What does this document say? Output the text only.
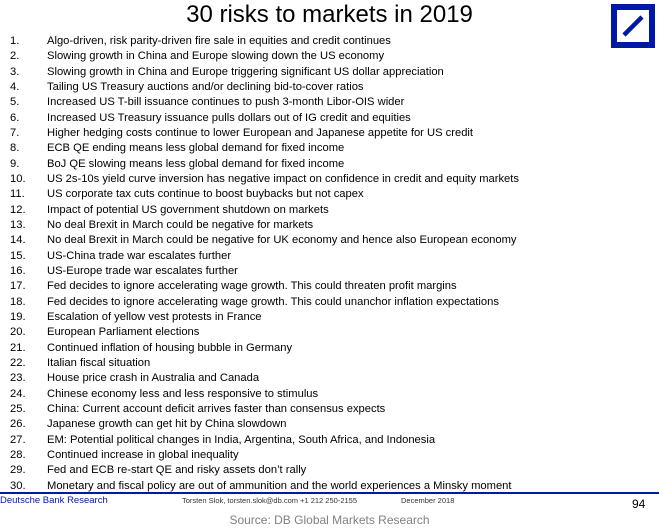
30 risks to markets in 2019
1.	Algo-driven, risk parity-driven fire sale in equities and credit continues
2.	Slowing growth in China and Europe slowing down the US economy
3.	Slowing growth in China and Europe triggering significant US dollar appreciation
4.	Tailing US Treasury auctions and/or declining bid-to-cover ratios
5.	Increased US T-bill issuance continues to push 3-month Libor-OIS wider
6.	Increased US Treasury issuance pulls dollars out of IG credit and equities
7.	Higher hedging costs continue to lower European and Japanese appetite for US credit
8.	ECB QE ending means less global demand for fixed income
9.	BoJ QE slowing means less global demand for fixed income
10.	US 2s-10s yield curve inversion has negative impact on confidence in credit and equity markets
11.	US corporate tax cuts continue to boost buybacks but not capex
12.	Impact of potential US government shutdown on markets
13.	No deal Brexit in March could be negative for markets
14.	No deal Brexit in March could be negative for UK economy and hence also European economy
15.	US-China trade war escalates further
16.	US-Europe trade war escalates further
17.	Fed decides to ignore accelerating wage growth. This could threaten profit margins
18.	Fed decides to ignore accelerating wage growth. This could unanchor inflation expectations
19.	Escalation of yellow vest protests in France
20.	European Parliament elections
21.	Continued inflation of housing bubble in Germany
22.	Italian fiscal situation
23.	House price crash in Australia and Canada
24.	Chinese economy less and less responsive to stimulus
25.	China: Current account deficit arrives faster than consensus expects
26.	Japanese growth can get hit by China slowdown
27.	EM: Potential political changes in India, Argentina, South Africa, and Indonesia
28.	Continued increase in global inequality
29.	Fed and ECB re-start QE and risky assets don’t rally
30.	Monetary and fiscal policy are out of ammunition and the world experiences a Minsky moment
Deutsche Bank Research	Torsten Slok, torsten.slok@db.com +1 212 250-2155	December 2018	94
Source: DB Global Markets Research
